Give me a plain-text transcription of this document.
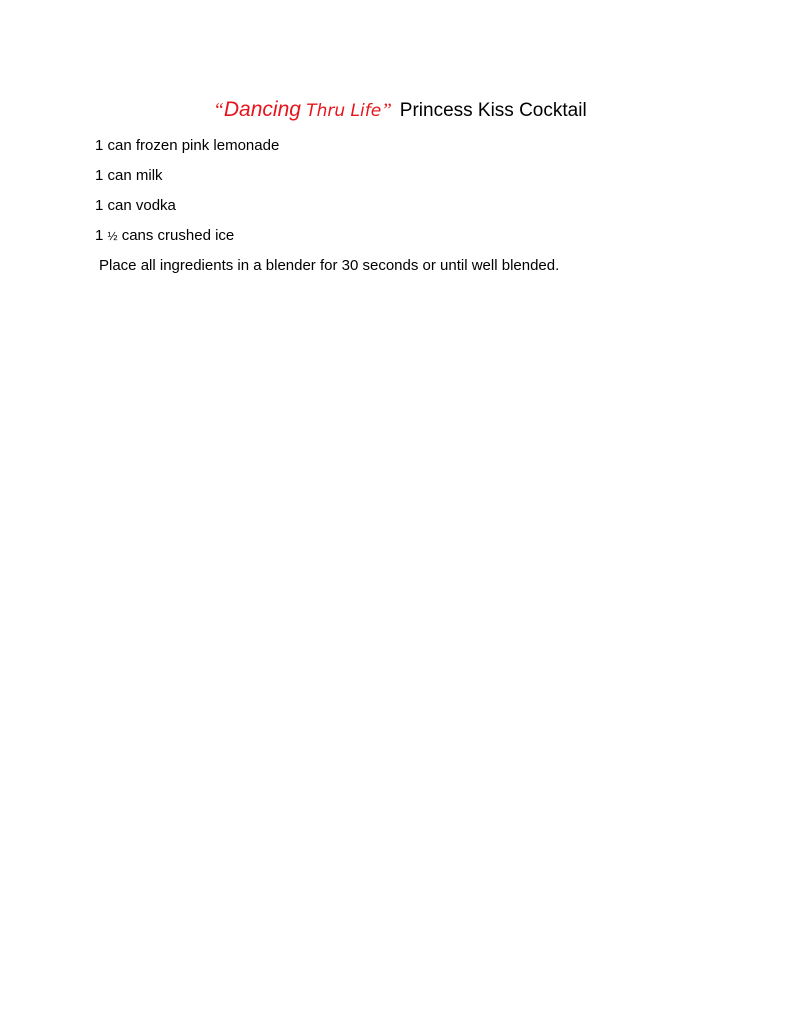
“Dancing Thru Life” Princess Kiss Cocktail
1 can frozen pink lemonade
1 can milk
1 can vodka
1 ½ cans crushed ice
Place all ingredients in a blender for 30 seconds or until well blended.
